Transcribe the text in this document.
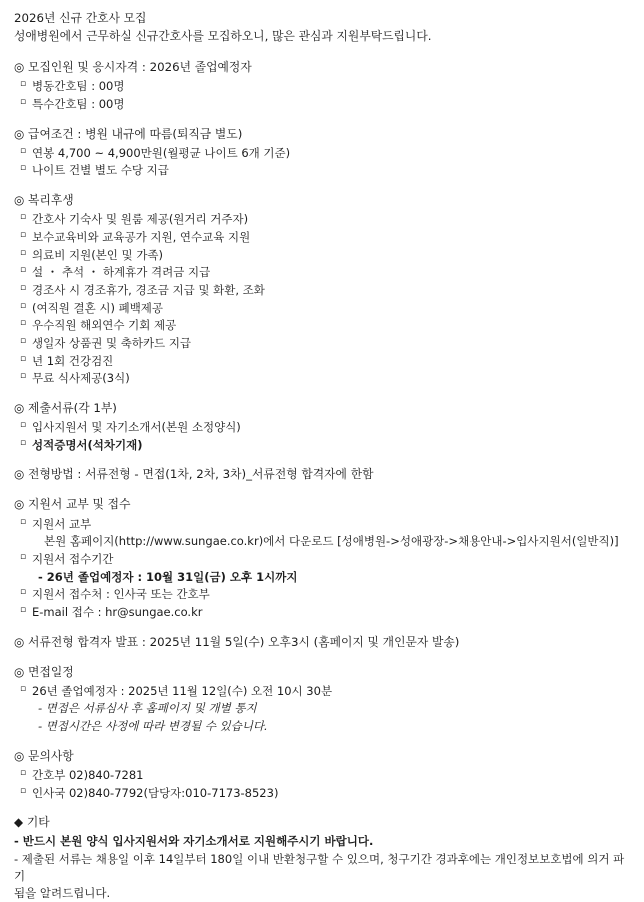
2026년 신규 간호사 모집
성애병원에서 근무하실 신규간호사를 모집하오니, 많은 관심과 지원부탁드립니다.
◎ 모집인원 및 응시자격 : 2026년 졸업예정자
▫ 병동간호팀 : 00명
▫ 특수간호팀 : 00명
◎ 급여조건 : 병원 내규에 따름(퇴직금 별도)
▫ 연봉 4,700 ~ 4,900만원(월평균 나이트 6개 기준)
▫ 나이트 건별 별도 수당 지급
◎ 복리후생
▫ 간호사 기숙사 및 원룸 제공(원거리 거주자)
▫ 보수교육비와 교육공가 지원, 연수교육 지원
▫ 의료비 지원(본인 및 가족)
▫ 설 ・ 추석 ・ 하계휴가 격려금 지급
▫ 경조사 시 경조휴가, 경조금 지급 및 화환, 조화
▫ (여직원 결혼 시) 폐백제공
▫ 우수직원 해외연수 기회 제공
▫ 생일자 상품권 및 축하카드 지급
▫ 년 1회 건강검진
▫ 무료 식사제공(3식)
◎ 제출서류(각 1부)
▫ 입사지원서 및 자기소개서(본원 소정양식)
▫ 성적증명서(석차기재)
◎ 전형방법 : 서류전형 - 면접(1차, 2차, 3차)_서류전형 합격자에 한함
◎ 지원서 교부 및 접수
▫ 지원서 교부
본원 홈페이지(http://www.sungae.co.kr)에서 다운로드 [성애병원->성애광장->채용안내->입사지원서(일반직)]
▫ 지원서 접수기간
- 26년 졸업예정자 : 10월 31일(금) 오후 1시까지
▫ 지원서 접수처 : 인사국 또는 간호부
▫ E-mail 접수 : hr@sungae.co.kr
◎ 서류전형 합격자 발표 : 2025년 11월 5일(수) 오후3시 (홈페이지 및 개인문자 발송)
◎ 면접일정
▫ 26년 졸업예정자 : 2025년 11월 12일(수) 오전 10시 30분
- 면접은 서류심사 후 홈페이지 및 개별 통지
- 면접시간은 사정에 따라 변경될 수 있습니다.
◎ 문의사항
▫ 간호부 02)840-7281
▫ 인사국 02)840-7792(담당자:010-7173-8523)
◆ 기타
- 반드시 본원 양식 입사지원서와 자기소개서로 지원해주시기 바랍니다.
- 제출된 서류는 채용일 이후 14일부터 180일 이내 반환청구할 수 있으며, 청구기간 경과후에는 개인정보보호법에 의거 파기
됨을 알려드립니다.
